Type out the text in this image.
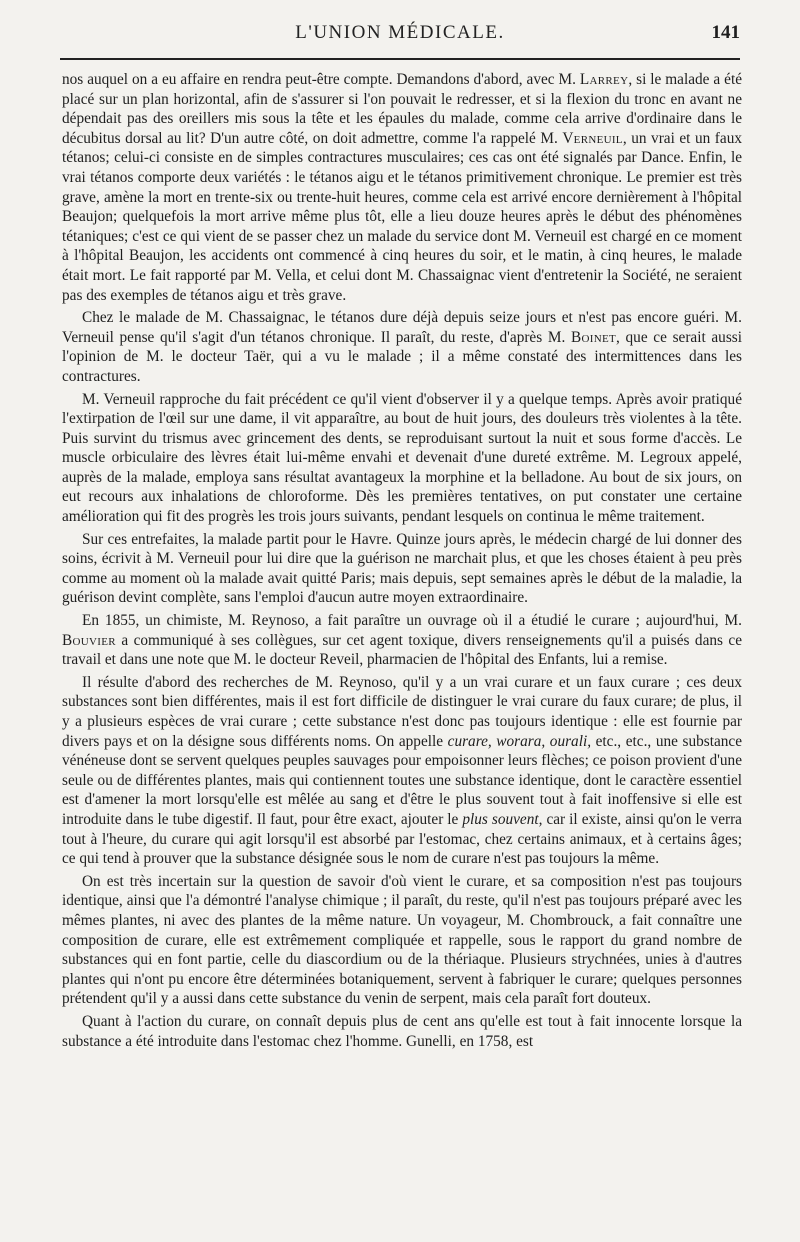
L'UNION MÉDICALE.	141

nos auquel on a eu affaire en rendra peut-être compte. Demandons d'abord, avec M. Larrey, si le malade a été placé sur un plan horizontal, afin de s'assurer si l'on pouvait le redresser, et si la flexion du tronc en avant ne dépendait pas des oreillers mis sous la tête et les épaules du malade, comme cela arrive d'ordinaire dans le décubitus dorsal au lit? D'un autre côté, on doit admettre, comme l'a rappelé M. Verneuil, un vrai et un faux tétanos; celui-ci consiste en de simples contractures musculaires; ces cas ont été signalés par Dance. Enfin, le vrai tétanos comporte deux variétés : le tétanos aigu et le tétanos primitivement chronique. Le premier est très grave, amène la mort en trente-six ou trente-huit heures, comme cela est arrivé encore dernièrement à l'hôpital Beaujon; quelquefois la mort arrive même plus tôt, elle a lieu douze heures après le début des phénomènes tétaniques; c'est ce qui vient de se passer chez un malade du service dont M. Verneuil est chargé en ce moment à l'hôpital Beaujon, les accidents ont commencé à cinq heures du soir, et le matin, à cinq heures, le malade était mort. Le fait rapporté par M. Vella, et celui dont M. Chassaignac vient d'entretenir la Société, ne seraient pas des exemples de tétanos aigu et très grave.

Chez le malade de M. Chassaignac, le tétanos dure déjà depuis seize jours et n'est pas encore guéri. M. Verneuil pense qu'il s'agit d'un tétanos chronique. Il paraît, du reste, d'après M. Boinet, que ce serait aussi l'opinion de M. le docteur Taër, qui a vu le malade ; il a même constaté des intermittences dans les contractures.

M. Verneuil rapproche du fait précédent ce qu'il vient d'observer il y a quelque temps. Après avoir pratiqué l'extirpation de l'œil sur une dame, il vit apparaître, au bout de huit jours, des douleurs très violentes à la tête. Puis survint du trismus avec grincement des dents, se reproduisant surtout la nuit et sous forme d'accès. Le muscle orbiculaire des lèvres était lui-même envahi et devenait d'une dureté extrême. M. Legroux appelé, auprès de la malade, employa sans résultat avantageux la morphine et la belladone. Au bout de six jours, on eut recours aux inhalations de chloroforme. Dès les premières tentatives, on put constater une certaine amélioration qui fit des progrès les trois jours suivants, pendant lesquels on continua le même traitement.

Sur ces entrefaites, la malade partit pour le Havre. Quinze jours après, le médecin chargé de lui donner des soins, écrivit à M. Verneuil pour lui dire que la guérison ne marchait plus, et que les choses étaient à peu près comme au moment où la malade avait quitté Paris; mais depuis, sept semaines après le début de la maladie, la guérison devint complète, sans l'emploi d'aucun autre moyen extraordinaire.

En 1855, un chimiste, M. Reynoso, a fait paraître un ouvrage où il a étudié le curare ; aujourd'hui, M. Bouvier a communiqué à ses collègues, sur cet agent toxique, divers renseignements qu'il a puisés dans ce travail et dans une note que M. le docteur Reveil, pharmacien de l'hôpital des Enfants, lui a remise.

Il résulte d'abord des recherches de M. Reynoso, qu'il y a un vrai curare et un faux curare ; ces deux substances sont bien différentes, mais il est fort difficile de distinguer le vrai curare du faux curare; de plus, il y a plusieurs espèces de vrai curare ; cette substance n'est donc pas toujours identique : elle est fournie par divers pays et on la désigne sous différents noms. On appelle curare, worara, ourali, etc., etc., une substance vénéneuse dont se servent quelques peuples sauvages pour empoisonner leurs flèches; ce poison provient d'une seule ou de différentes plantes, mais qui contiennent toutes une substance identique, dont le caractère essentiel est d'amener la mort lorsqu'elle est mêlée au sang et d'être le plus souvent tout à fait inoffensive si elle est introduite dans le tube digestif. Il faut, pour être exact, ajouter le plus souvent, car il existe, ainsi qu'on le verra tout à l'heure, du curare qui agit lorsqu'il est absorbé par l'estomac, chez certains animaux, et à certains âges; ce qui tend à prouver que la substance désignée sous le nom de curare n'est pas toujours la même.

On est très incertain sur la question de savoir d'où vient le curare, et sa composition n'est pas toujours identique, ainsi que l'a démontré l'analyse chimique ; il paraît, du reste, qu'il n'est pas toujours préparé avec les mêmes plantes, ni avec des plantes de la même nature. Un voyageur, M. Chombrouck, a fait connaître une composition de curare, elle est extrêmement compliquée et rappelle, sous le rapport du grand nombre de substances qui en font partie, celle du diascordium ou de la thériaque. Plusieurs strychnées, unies à d'autres plantes qui n'ont pu encore être déterminées botaniquement, servent à fabriquer le curare; quelques personnes prétendent qu'il y a aussi dans cette substance du venin de serpent, mais cela paraît fort douteux.

Quant à l'action du curare, on connaît depuis plus de cent ans qu'elle est tout à fait innocente lorsque la substance a été introduite dans l'estomac chez l'homme. Gunelli, en 1758, est
